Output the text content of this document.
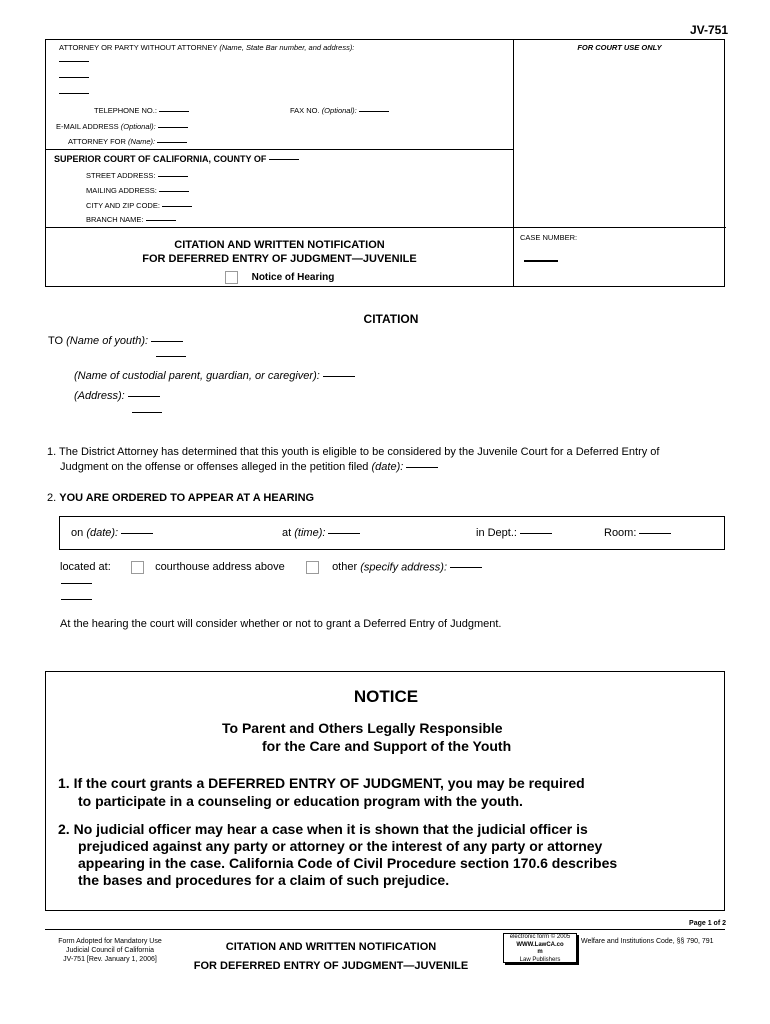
JV-751
ATTORNEY OR PARTY WITHOUT ATTORNEY (Name, State Bar number, and address):
TELEPHONE NO.:	FAX NO. (Optional):
E-MAIL ADDRESS (Optional):
ATTORNEY FOR (Name):
FOR COURT USE ONLY
SUPERIOR COURT OF CALIFORNIA, COUNTY OF
STREET ADDRESS:
MAILING ADDRESS:
CITY AND ZIP CODE:
BRANCH NAME:
CITATION AND WRITTEN NOTIFICATION
FOR DEFERRED ENTRY OF JUDGMENT—JUVENILE
Notice of Hearing
CASE NUMBER:
CITATION
TO (Name of youth):
(Name of custodial parent, guardian, or caregiver):
(Address):
1. The District Attorney has determined that this youth is eligible to be considered by the Juvenile Court for a Deferred Entry of
Judgment on the offense or offenses alleged in the petition filed (date):
2. YOU ARE ORDERED TO APPEAR AT A HEARING
on (date):	at (time):	in Dept.:	Room:
located at:	courthouse address above	other (specify address):
At the hearing the court will consider whether or not to grant a Deferred Entry of Judgment.
NOTICE
To Parent and Others Legally Responsible
for the Care and Support of the Youth
1. If the court grants a DEFERRED ENTRY OF JUDGMENT, you may be required
to participate in a counseling or education program with the youth.
2. No judicial officer may hear a case when it is shown that the judicial officer is
prejudiced against any party or attorney or the interest of any party or attorney
appearing in the case. California Code of Civil Procedure section 170.6 describes
the bases and procedures for a claim of such prejudice.
Page 1 of 2
Form Adopted for Mandatory Use
Judicial Council of California
JV-751 [Rev. January 1, 2006]
CITATION AND WRITTEN NOTIFICATION
FOR DEFERRED ENTRY OF JUDGMENT—JUVENILE
electronic form © 2005
WWW.LawCA.co
m
Law Publishers
Welfare and Institutions Code, §§ 790, 791
